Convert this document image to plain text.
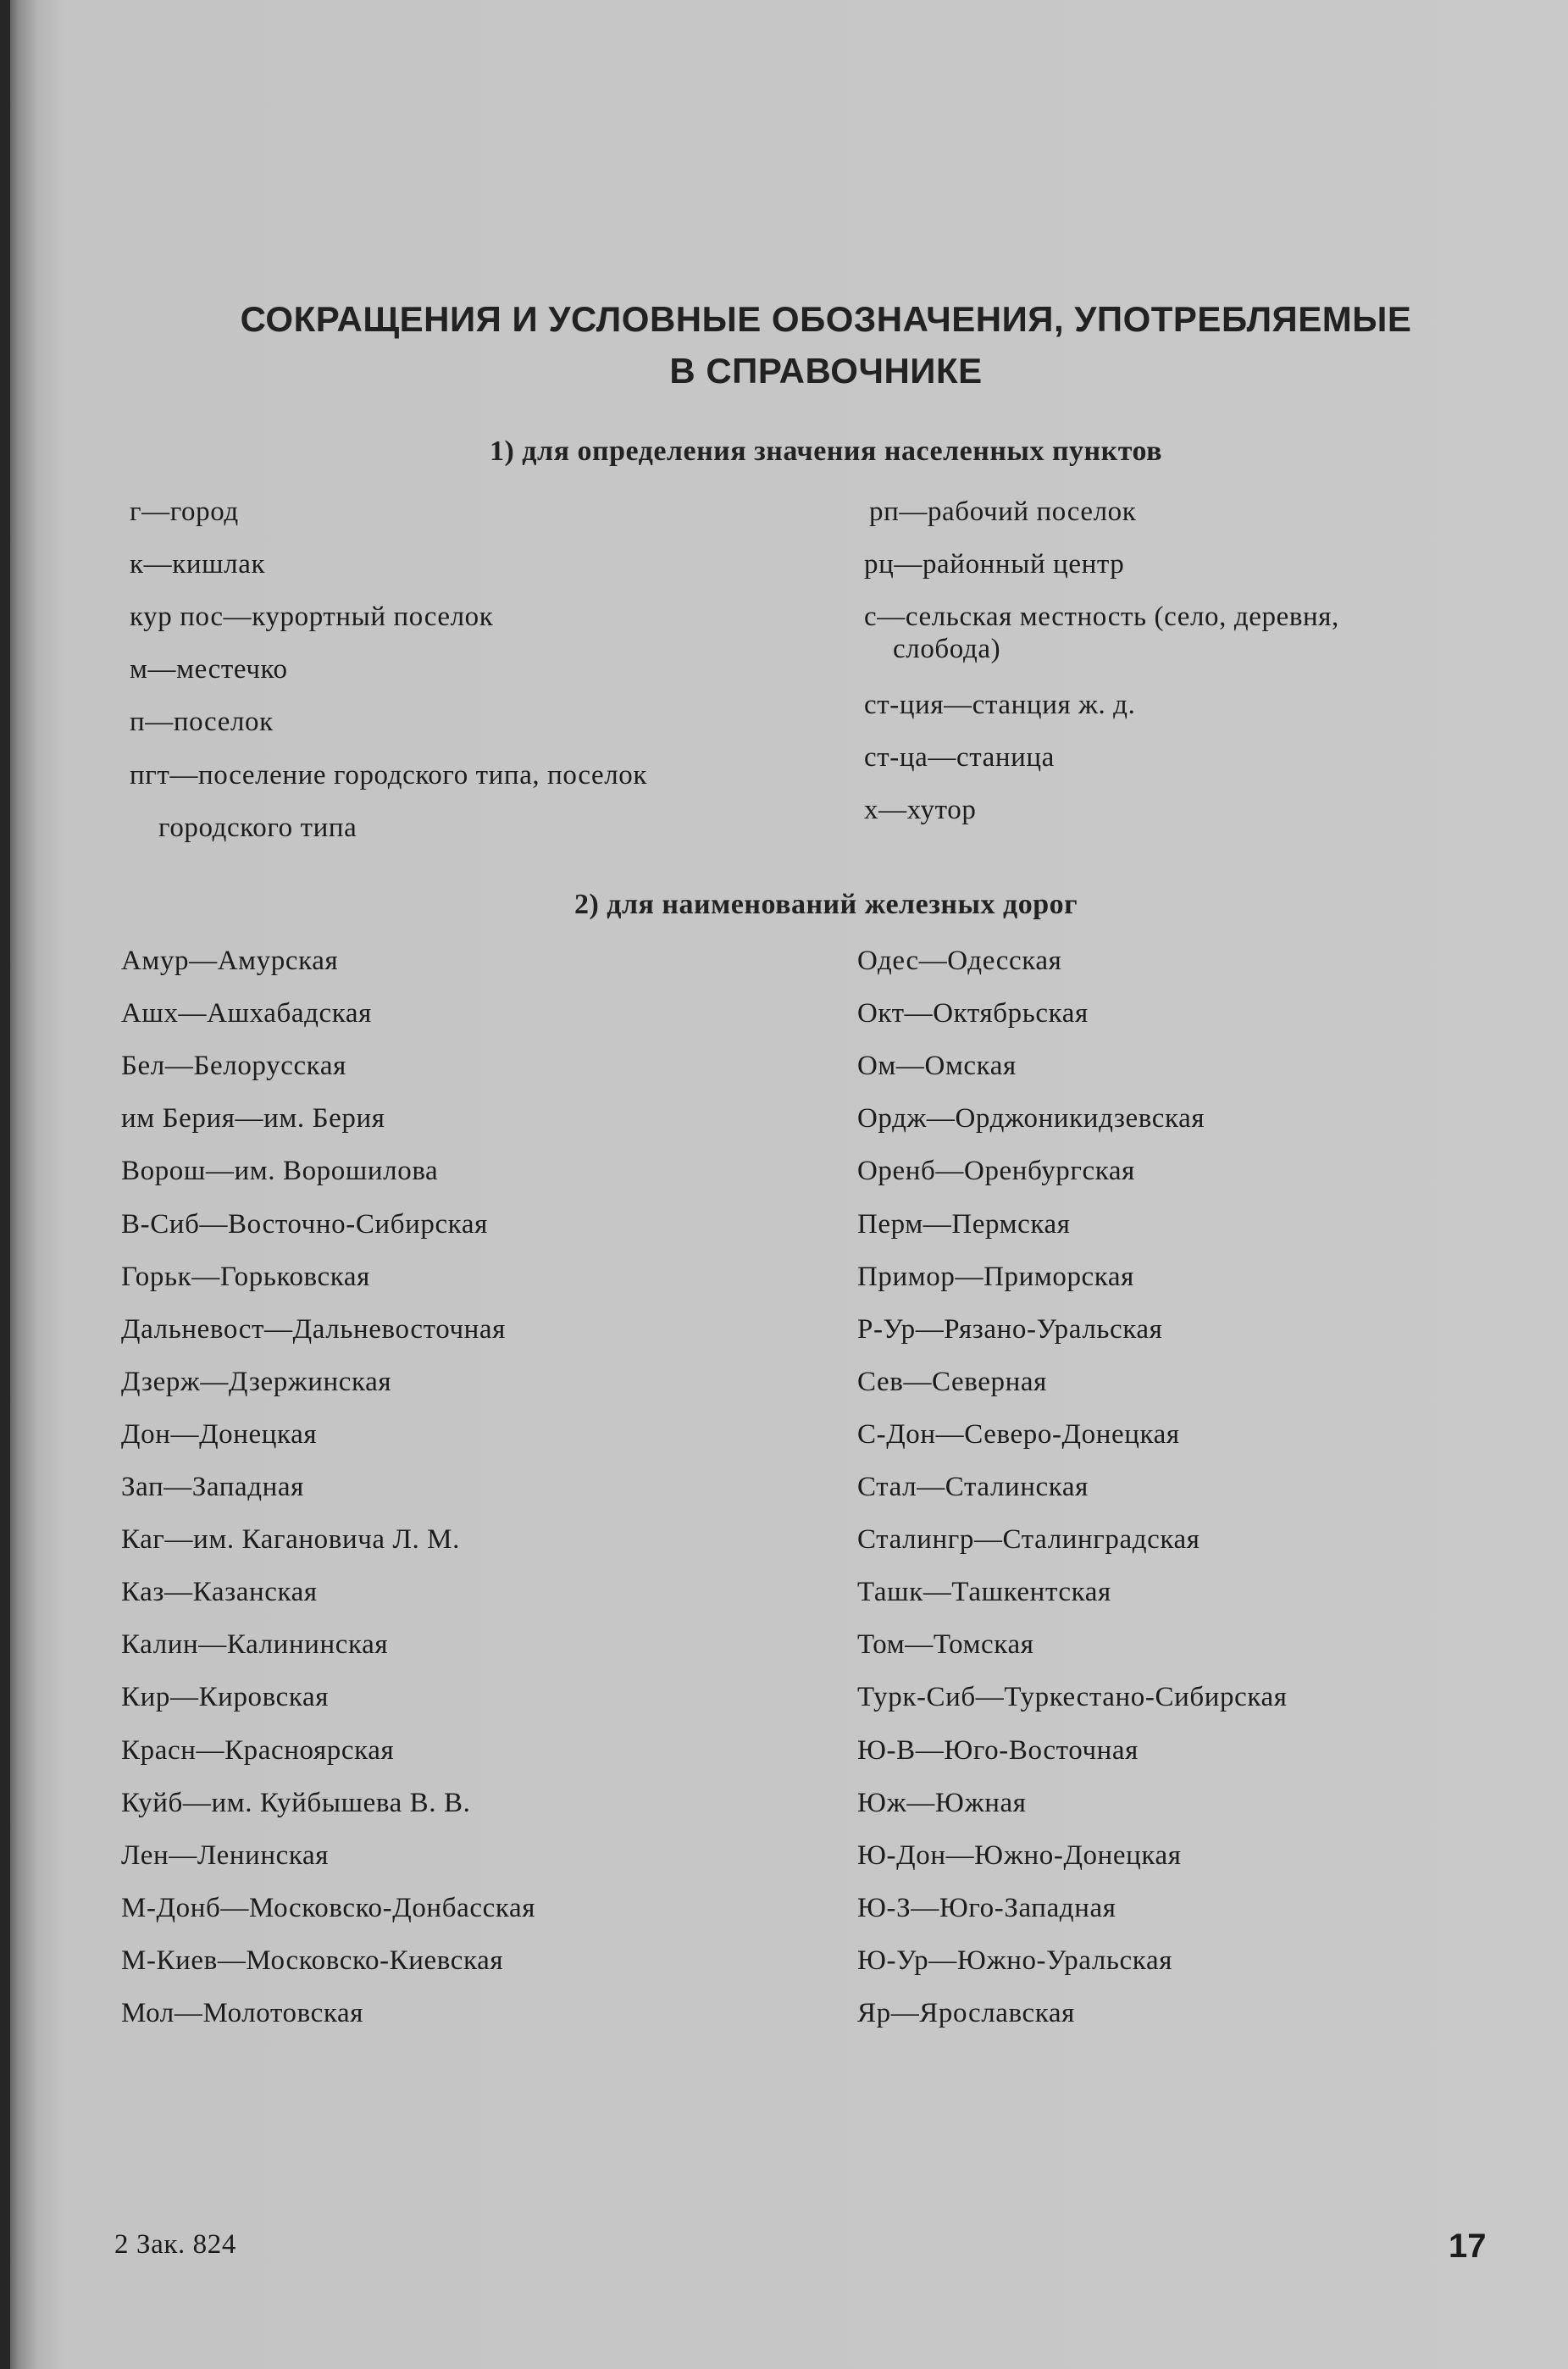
СОКРАЩЕНИЯ И УСЛОВНЫЕ ОБОЗНАЧЕНИЯ, УПОТРЕБЛЯЕМЫЕ
В СПРАВОЧНИКЕ
1) для определения значения населенных пунктов
г—город
к—кишлак
кур пос—курортный поселок
м—местечко
п—поселок
пгт—поселение городского типа, поселок
городского типа
рп—рабочий поселок
рц—районный центр
с—сельская местность (село, деревня,
слобода)
ст-ция—станция ж. д.
ст-ца—станица
х—хутор
2) для наименований железных дорог
Амур—Амурская
Ашх—Ашхабадская
Бел—Белорусская
им Берия—им. Берия
Ворош—им. Ворошилова
В-Сиб—Восточно-Сибирская
Горьк—Горьковская
Дальневост—Дальневосточная
Дзерж—Дзержинская
Дон—Донецкая
Зап—Западная
Каг—им. Кагановича Л. М.
Каз—Казанская
Калин—Калининская
Кир—Кировская
Красн—Красноярская
Куйб—им. Куйбышева В. В.
Лен—Ленинская
М-Донб—Московско-Донбасская
М-Киев—Московско-Киевская
Мол—Молотовская
Одес—Одесская
Окт—Октябрьская
Ом—Омская
Ордж—Орджоникидзевская
Оренб—Оренбургская
Перм—Пермская
Примор—Приморская
Р-Ур—Рязано-Уральская
Сев—Северная
С-Дон—Северо-Донецкая
Стал—Сталинская
Сталингр—Сталинградская
Ташк—Ташкентская
Том—Томская
Турк-Сиб—Туркестано-Сибирская
Ю-В—Юго-Восточная
Юж—Южная
Ю-Дон—Южно-Донецкая
Ю-З—Юго-Западная
Ю-Ур—Южно-Уральская
Яр—Ярославская
2 Зак. 824	17
